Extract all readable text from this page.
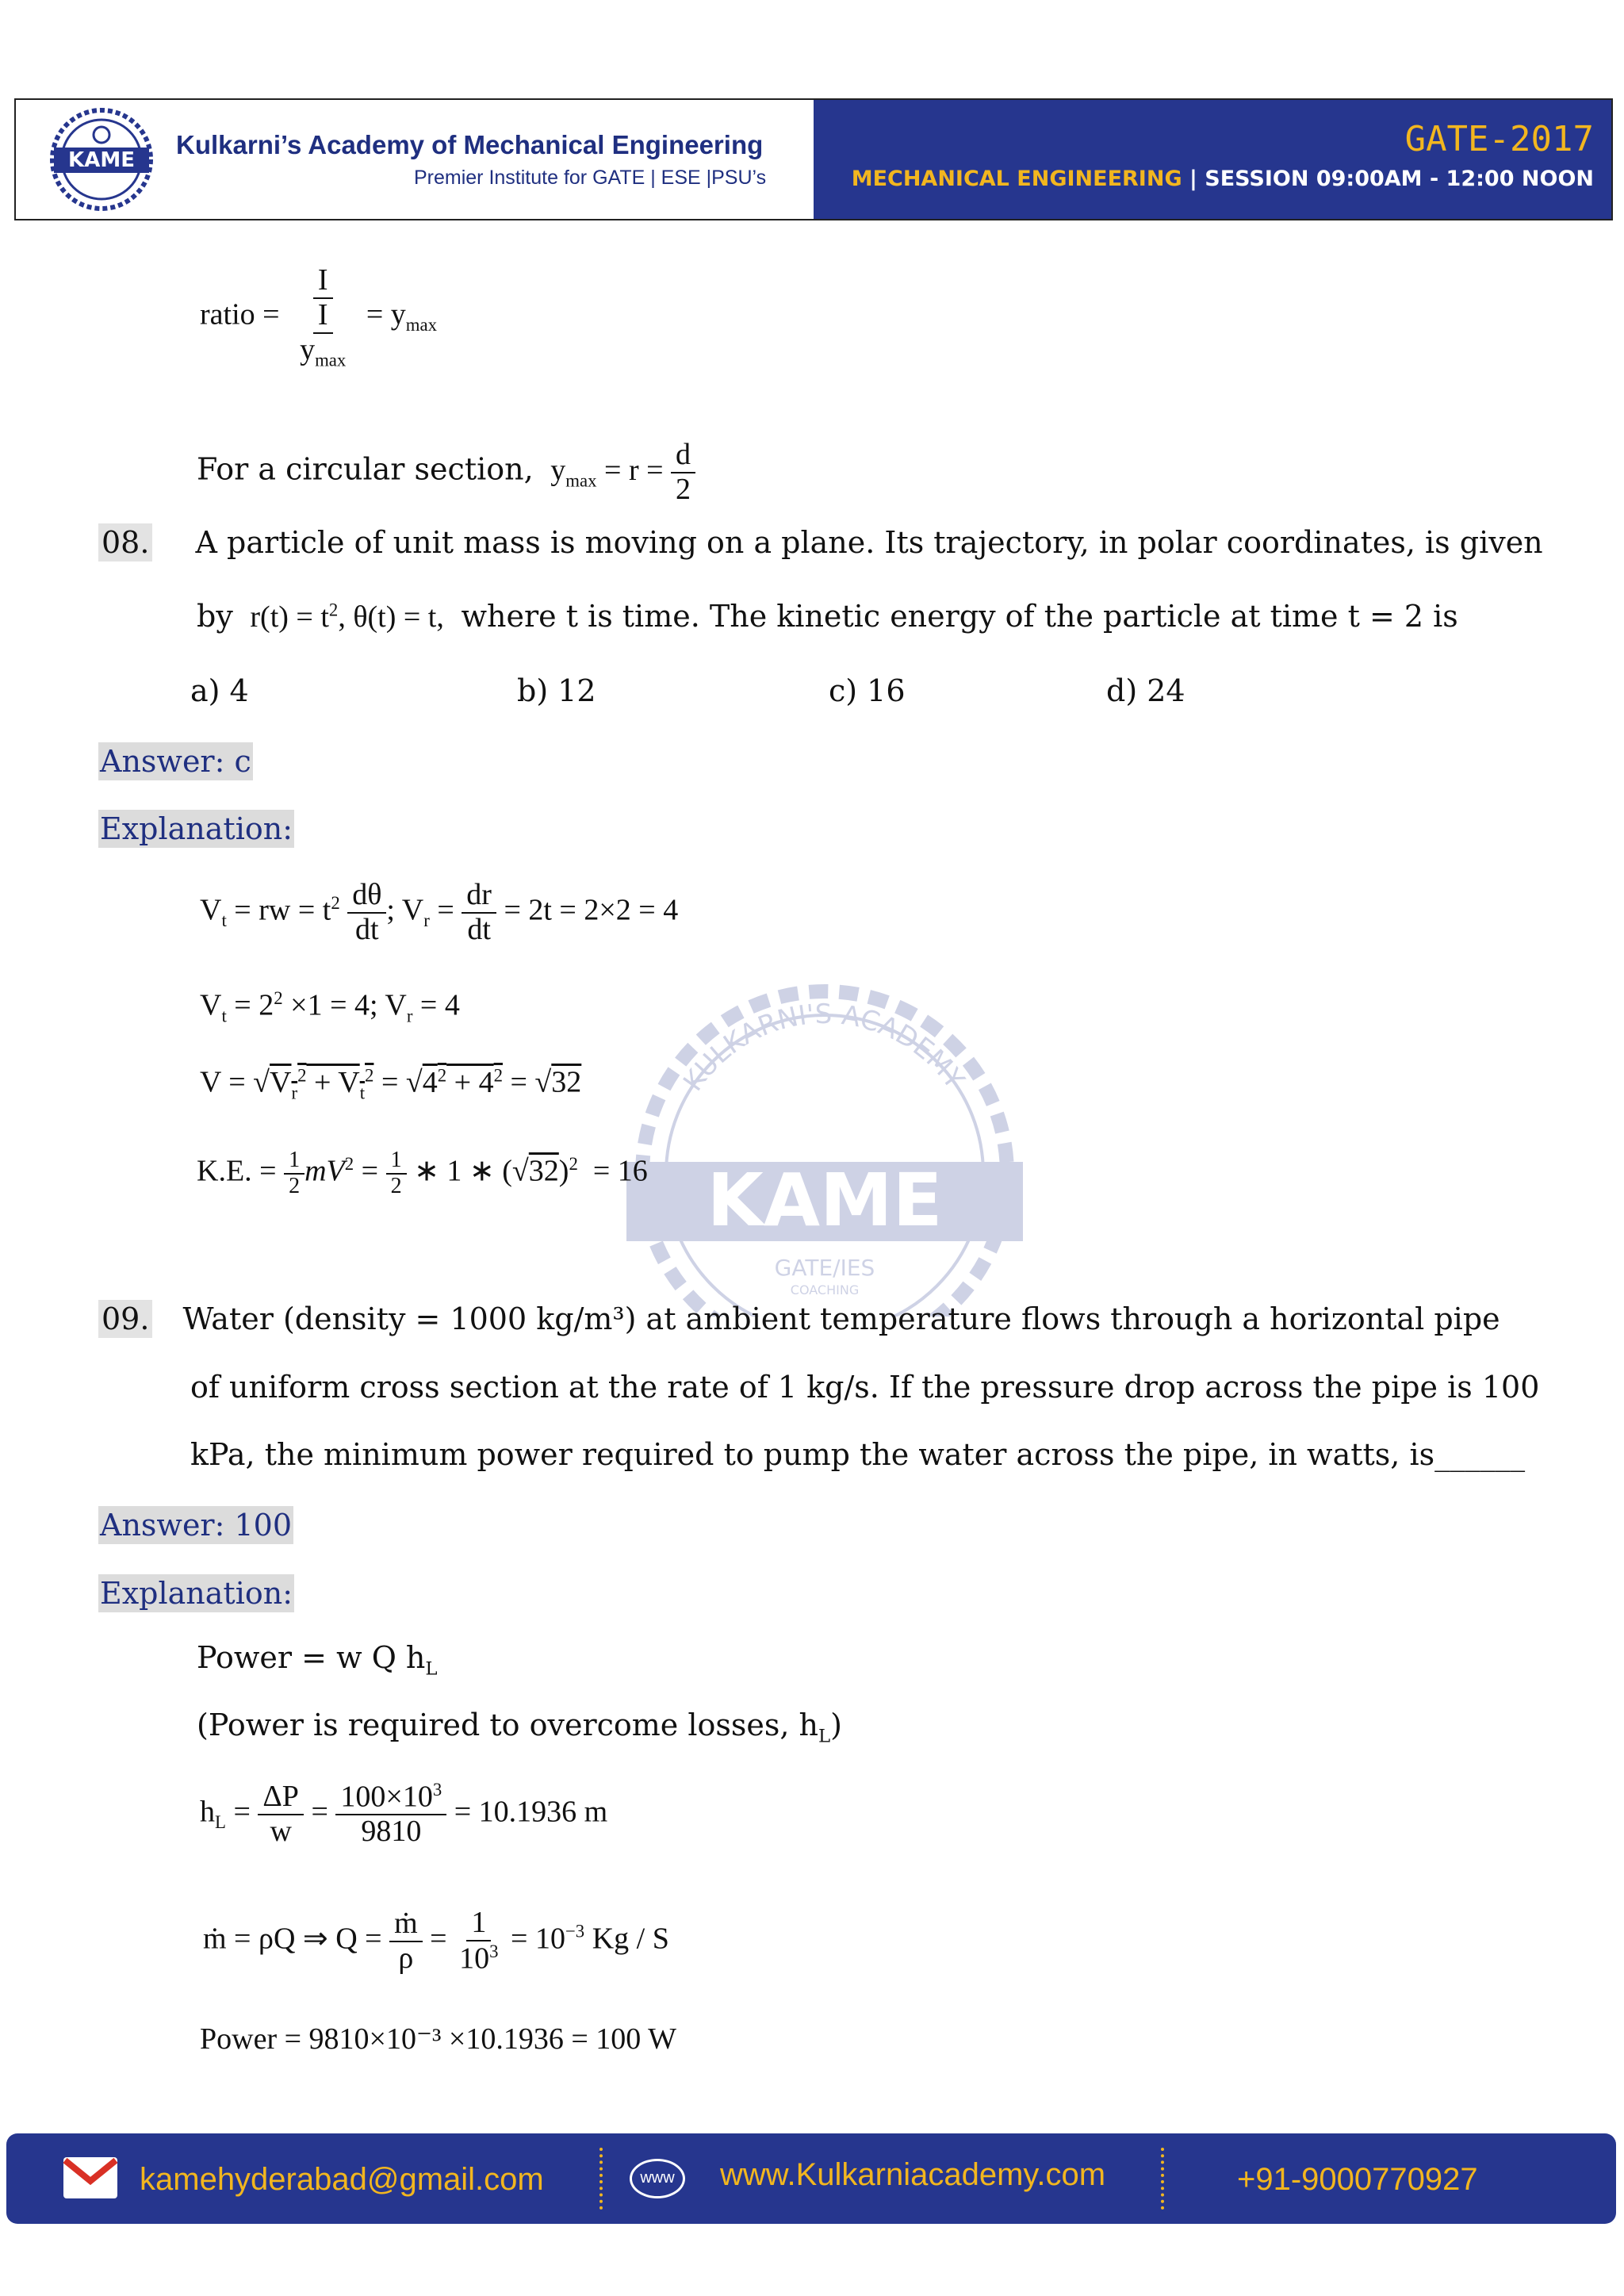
KAME
Kulkarni’s Academy of Mechanical Engineering
Premier Institute for GATE | ESE |PSU’s
GATE-2017
MECHANICAL ENGINEERING | SESSION 09:00AM - 12:00 NOON
KULKARNI'S ACADEMY
KAME
GATE/IES
COACHING
ratio = $\frac{I}{\frac{I}{y_{max}}} = y_{max}$
For a circular section,  $y_{max} = r = \frac{d}{2}$
08. A particle of unit mass is moving on a plane. Its trajectory, in polar coordinates, is given
by  $r(t) = t^2$, θ(t) = t,  where t is time. The kinetic energy of the particle at time t = 2 is
a) 4	b) 12	c) 16	d) 24
Answer: c
Explanation:
$V_t$ = rw = $t^2 \frac{d\theta}{dt}$ ; $V_r = \frac{dr}{dt} = 2t = 2\times 2 = 4$
$V_t = 2^2 \times 1 = 4$; $V_r = 4$
$V = √V_r^2 + V_t^2 = √4^2 + 4^2 = √32$
K.E. = $\frac{1}{2} mV^2 = \frac{1}{2}$ ∗ 1 ∗ $(√32)^2 = 16$
09. Water (density = 1000 kg/m³) at ambient temperature flows through a horizontal pipe
of uniform cross section at the rate of 1 kg/s. If the pressure drop across the pipe is 100
kPa, the minimum power required to pump the water across the pipe, in watts, is______
Answer: 100
Explanation:
Power = w Q $h_L$
(Power is required to overcome losses, $h_L$)
$h_L = \frac{\Delta P}{w} = \frac{100\times 10^3}{9810} = 10.1936$ m
ṁ = ρQ ⇒ $Q = \frac{\text{ṁ}}{\rho} = \frac{1}{10^3} = 10^{-3}$ Kg / S
Power = 9810×10⁻³ ×10.1936 = 100 W
kamehyderabad@gmail.com	www www.Kulkarniacademy.com	+91-9000770927
